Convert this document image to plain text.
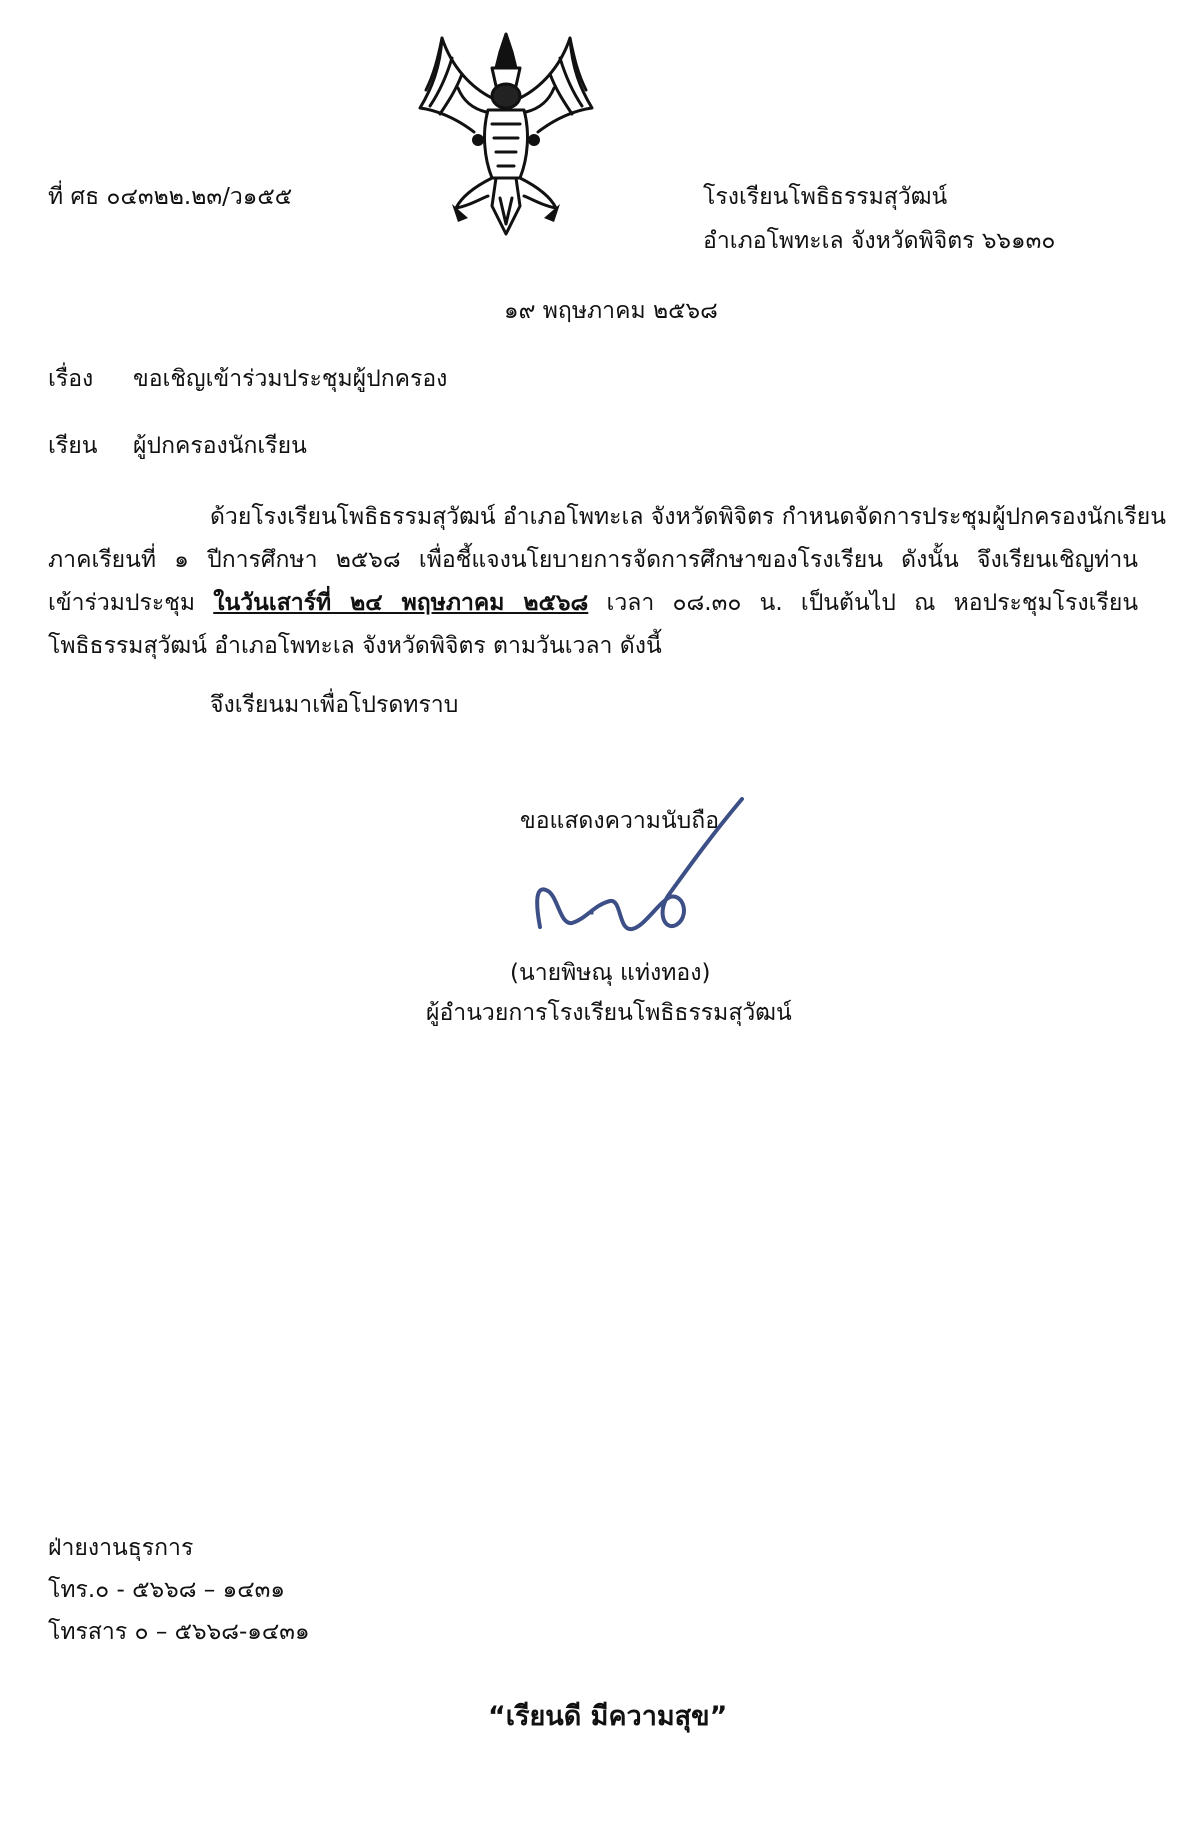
ที่ ศธ ๐๔๓๒๒.๒๓/ว๑๕๕	โรงเรียนโพธิธรรมสุวัฒน์
อำเภอโพทะเล จังหวัดพิจิตร ๖๖๑๓๐
๑๙ พฤษภาคม ๒๕๖๘
เรื่อง ขอเชิญเข้าร่วมประชุมผู้ปกครอง
เรียน ผู้ปกครองนักเรียน
ด้วยโรงเรียนโพธิธรรมสุวัฒน์ อำเภอโพทะเล จังหวัดพิจิตร กำหนดจัดการประชุมผู้ปกครองนักเรียน
ภาคเรียนที่ ๑ ปีการศึกษา ๒๕๖๘ เพื่อชี้แจงนโยบายการจัดการศึกษาของโรงเรียน ดังนั้น จึงเรียนเชิญท่าน
เข้าร่วมประชุม ในวันเสาร์ที่ ๒๔ พฤษภาคม ๒๕๖๘ เวลา ๐๘.๓๐ น. เป็นต้นไป ณ หอประชุมโรงเรียน
โพธิธรรมสุวัฒน์ อำเภอโพทะเล จังหวัดพิจิตร ตามวันเวลา ดังนี้
จึงเรียนมาเพื่อโปรดทราบ
ขอแสดงความนับถือ
(นายพิษณุ แท่งทอง)
ผู้อำนวยการโรงเรียนโพธิธรรมสุวัฒน์
ฝ่ายงานธุรการ
โทร.๐ - ๕๖๖๘ – ๑๔๓๑
โทรสาร ๐ – ๕๖๖๘-๑๔๓๑
“เรียนดี มีความสุข”
